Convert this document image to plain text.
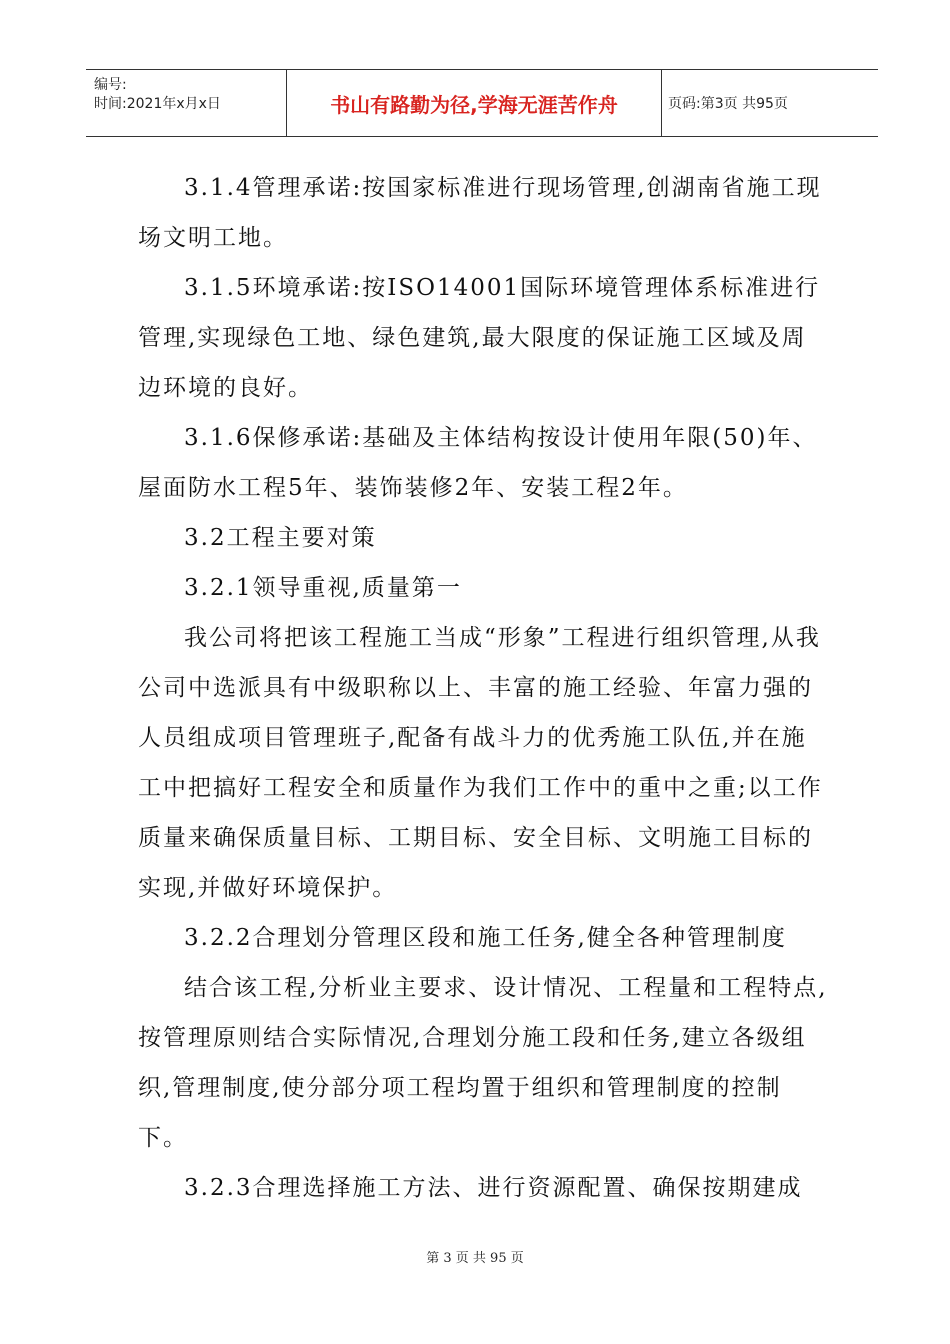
编号:
时间:2021年x月x日	书山有路勤为径,学海无涯苦作舟	页码:第3页 共95页

3.1.4管理承诺:按国家标准进行现场管理,创湖南省施工现场文明工地。

3.1.5环境承诺:按ISO14001国际环境管理体系标准进行管理,实现绿色工地、绿色建筑,最大限度的保证施工区域及周边环境的良好。

3.1.6保修承诺:基础及主体结构按设计使用年限(50)年、屋面防水工程5年、装饰装修2年、安装工程2年。

3.2工程主要对策

3.2.1领导重视,质量第一

我公司将把该工程施工当成“形象”工程进行组织管理,从我公司中选派具有中级职称以上、丰富的施工经验、年富力强的人员组成项目管理班子,配备有战斗力的优秀施工队伍,并在施工中把搞好工程安全和质量作为我们工作中的重中之重;以工作质量来确保质量目标、工期目标、安全目标、文明施工目标的实现,并做好环境保护。

3.2.2合理划分管理区段和施工任务,健全各种管理制度

结合该工程,分析业主要求、设计情况、工程量和工程特点,按管理原则结合实际情况,合理划分施工段和任务,建立各级组织,管理制度,使分部分项工程均置于组织和管理制度的控制下。

3.2.3合理选择施工方法、进行资源配置、确保按期建成

第 3 页 共 95 页
